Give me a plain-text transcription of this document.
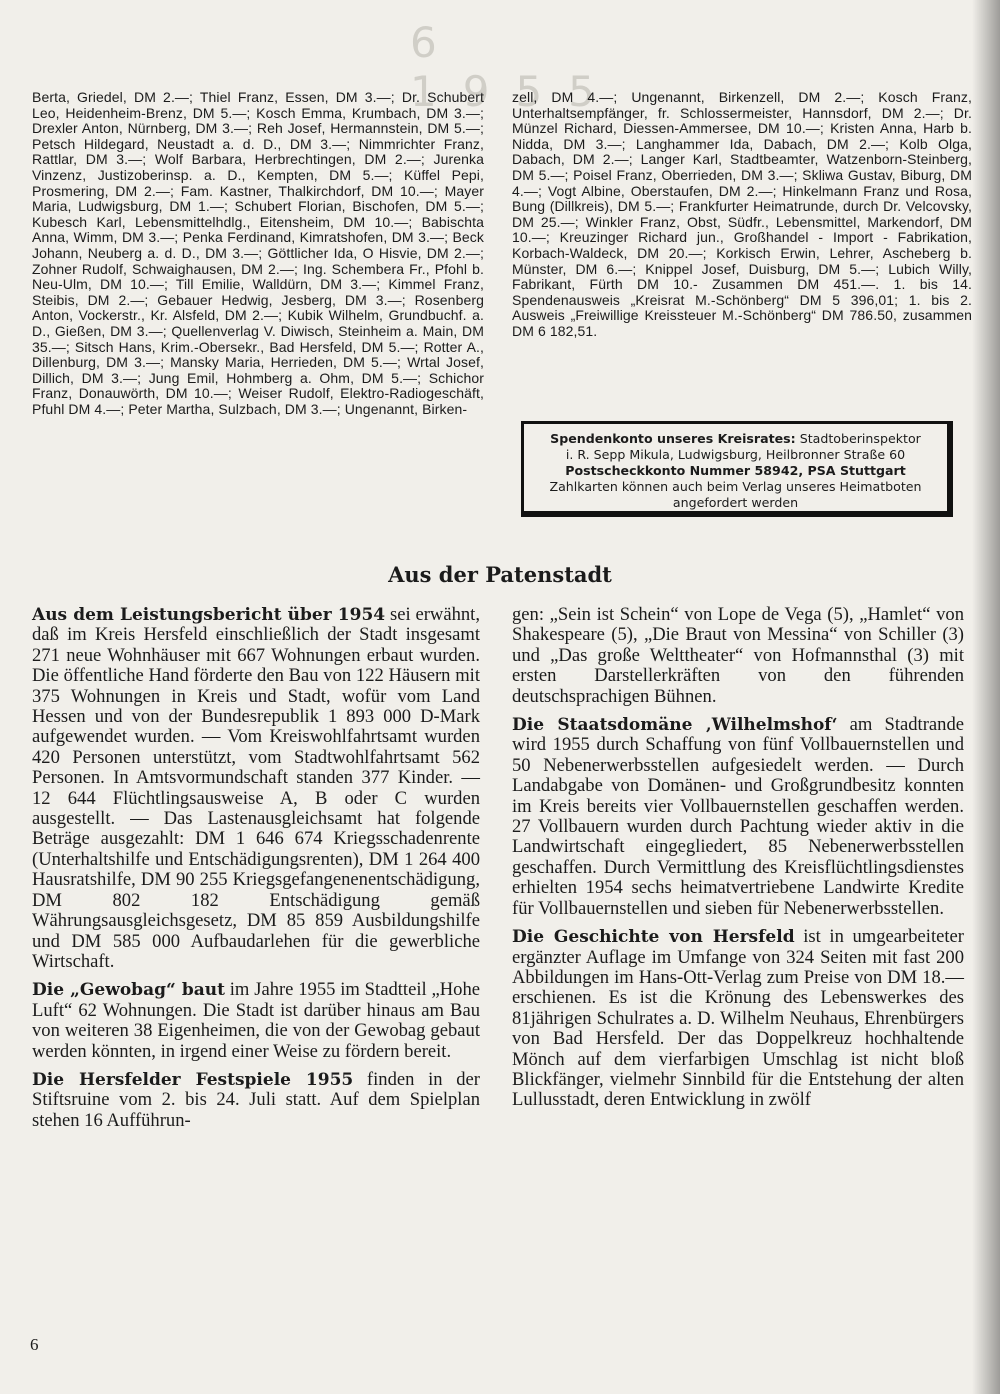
6 1955
Berta, Griedel, DM 2.—; Thiel Franz, Essen, DM 3.—; Dr. Schubert Leo, Heidenheim-Brenz, DM 5.—; Kosch Emma, Krumbach, DM 3.—; Drexler Anton, Nürnberg, DM 3.—; Reh Josef, Hermannstein, DM 5.—; Petsch Hildegard, Neustadt a. d. D., DM 3.—; Nimmrichter Franz, Rattlar, DM 3.—; Wolf Barbara, Herbrechtingen, DM 2.—; Jurenka Vinzenz, Justizoberinsp. a. D., Kempten, DM 5.—; Küffel Pepi, Prosmering, DM 2.—; Fam. Kastner, Thalkirchdorf, DM 10.—; Mayer Maria, Ludwigsburg, DM 1.—; Schubert Florian, Bischofen, DM 5.—; Kubesch Karl, Lebensmittelhdlg., Eitensheim, DM 10.—; Babischta Anna, Wimm, DM 3.—; Penka Ferdinand, Kimratshofen, DM 3.—; Beck Johann, Neuberg a. d. D., DM 3.—; Göttlicher Ida, O Hisvie, DM 2.—; Zohner Rudolf, Schwaighausen, DM 2.—; Ing. Schembera Fr., Pfohl b. Neu-Ulm, DM 10.—; Till Emilie, Walldürn, DM 3.—; Kimmel Franz, Steibis, DM 2.—; Gebauer Hedwig, Jesberg, DM 3.—; Rosenberg Anton, Vockerstr., Kr. Alsfeld, DM 2.—; Kubik Wilhelm, Grundbuchf. a. D., Gießen, DM 3.—; Quellenverlag V. Diwisch, Steinheim a. Main, DM 35.—; Sitsch Hans, Krim.-Obersekr., Bad Hersfeld, DM 5.—; Rotter A., Dillenburg, DM 3.—; Mansky Maria, Herrieden, DM 5.—; Wrtal Josef, Dillich, DM 3.—; Jung Emil, Hohmberg a. Ohm, DM 5.—; Schichor Franz, Donauwörth, DM 10.—; Weiser Rudolf, Elektro-Radiogeschäft, Pfuhl DM 4.—; Peter Martha, Sulzbach, DM 3.—; Ungenannt, Birken-
zell, DM 4.—; Ungenannt, Birkenzell, DM 2.—; Kosch Franz, Unterhaltsempfänger, fr. Schlossermeister, Hannsdorf, DM 2.—; Dr. Münzel Richard, Diessen-Ammersee, DM 10.—; Kristen Anna, Harb b. Nidda, DM 3.—; Langhammer Ida, Dabach, DM 2.—; Kolb Olga, Dabach, DM 2.—; Langer Karl, Stadtbeamter, Watzenborn-Steinberg, DM 5.—; Poisel Franz, Oberrieden, DM 3.—; Skliwa Gustav, Biburg, DM 4.—; Vogt Albine, Oberstaufen, DM 2.—; Hinkelmann Franz und Rosa, Bung (Dillkreis), DM 5.—; Frankfurter Heimatrunde, durch Dr. Velcovsky, DM 25.—; Winkler Franz, Obst, Südfr., Lebensmittel, Markendorf, DM 10.—; Kreuzinger Richard jun., Großhandel - Import - Fabrikation, Korbach-Waldeck, DM 20.—; Korkisch Erwin, Lehrer, Ascheberg b. Münster, DM 6.—; Knippel Josef, Duisburg, DM 5.—; Lubich Willy, Fabrikant, Fürth DM 10.- Zusammen DM 451.—. 1. bis 14. Spendenausweis „Kreisrat M.-Schönberg“ DM 5 396,01; 1. bis 2. Ausweis „Freiwillige Kreissteuer M.-Schönberg“ DM 786.50, zusammen DM 6 182,51.
Spendenkonto unseres Kreisrates: Stadtoberinspektor
i. R. Sepp Mikula, Ludwigsburg, Heilbronner Straße 60
Postscheckkonto Nummer 58942, PSA Stuttgart
Zahlkarten können auch beim Verlag unseres Heimatboten angefordert werden
Aus der Patenstadt

Aus dem Leistungsbericht über 1954 sei erwähnt, daß im Kreis Hersfeld einschließlich der Stadt insgesamt 271 neue Wohnhäuser mit 667 Wohnungen erbaut wurden. Die öffentliche Hand förderte den Bau von 122 Häusern mit 375 Wohnungen in Kreis und Stadt, wofür vom Land Hessen und von der Bundesrepublik 1 893 000 D-Mark aufgewendet wurden. — Vom Kreiswohlfahrtsamt wurden 420 Personen unterstützt, vom Stadtwohlfahrtsamt 562 Personen. In Amtsvormundschaft standen 377 Kinder. — 12 644 Flüchtlingsausweise A, B oder C wurden ausgestellt. — Das Lastenausgleichsamt hat folgende Beträge ausgezahlt: DM 1 646 674 Kriegsschadenrente (Unterhaltshilfe und Entschädigungsrenten), DM 1 264 400 Hausratshilfe, DM 90 255 Kriegsgefangenenentschädigung, DM 802 182 Entschädigung gemäß Währungsausgleichsgesetz, DM 85 859 Ausbildungshilfe und DM 585 000 Aufbaudarlehen für die gewerbliche Wirtschaft.

Die „Gewobag“ baut im Jahre 1955 im Stadtteil „Hohe Luft“ 62 Wohnungen. Die Stadt ist darüber hinaus am Bau von weiteren 38 Eigenheimen, die von der Gewobag gebaut werden könnten, in irgend einer Weise zu fördern bereit.

Die Hersfelder Festspiele 1955 finden in der Stiftsruine vom 2. bis 24. Juli statt. Auf dem Spielplan stehen 16 Aufführun-

gen: „Sein ist Schein“ von Lope de Vega (5), „Hamlet“ von Shakespeare (5), „Die Braut von Messina“ von Schiller (3) und „Das große Welttheater“ von Hofmannsthal (3) mit ersten Darstellerkräften von den führenden deutschsprachigen Bühnen.

Die Staatsdomäne ‚Wilhelmshof‘ am Stadtrande wird 1955 durch Schaffung von fünf Vollbauernstellen und 50 Nebenerwerbsstellen aufgesiedelt werden. — Durch Landabgabe von Domänen- und Großgrundbesitz konnten im Kreis bereits vier Vollbauernstellen geschaffen werden. 27 Vollbauern wurden durch Pachtung wieder aktiv in die Landwirtschaft eingegliedert, 85 Nebenerwerbsstellen geschaffen. Durch Vermittlung des Kreisflüchtlingsdienstes erhielten 1954 sechs heimatvertriebene Landwirte Kredite für Vollbauernstellen und sieben für Nebenerwerbsstellen.

Die Geschichte von Hersfeld ist in umgearbeiteter ergänzter Auflage im Umfange von 324 Seiten mit fast 200 Abbildungen im Hans-Ott-Verlag zum Preise von DM 18.— erschienen. Es ist die Krönung des Lebenswerkes des 81jährigen Schulrates a. D. Wilhelm Neuhaus, Ehrenbürgers von Bad Hersfeld. Der das Doppelkreuz hochhaltende Mönch auf dem vierfarbigen Umschlag ist nicht bloß Blickfänger, vielmehr Sinnbild für die Entstehung der alten Lullusstadt, deren Entwicklung in zwölf

6
